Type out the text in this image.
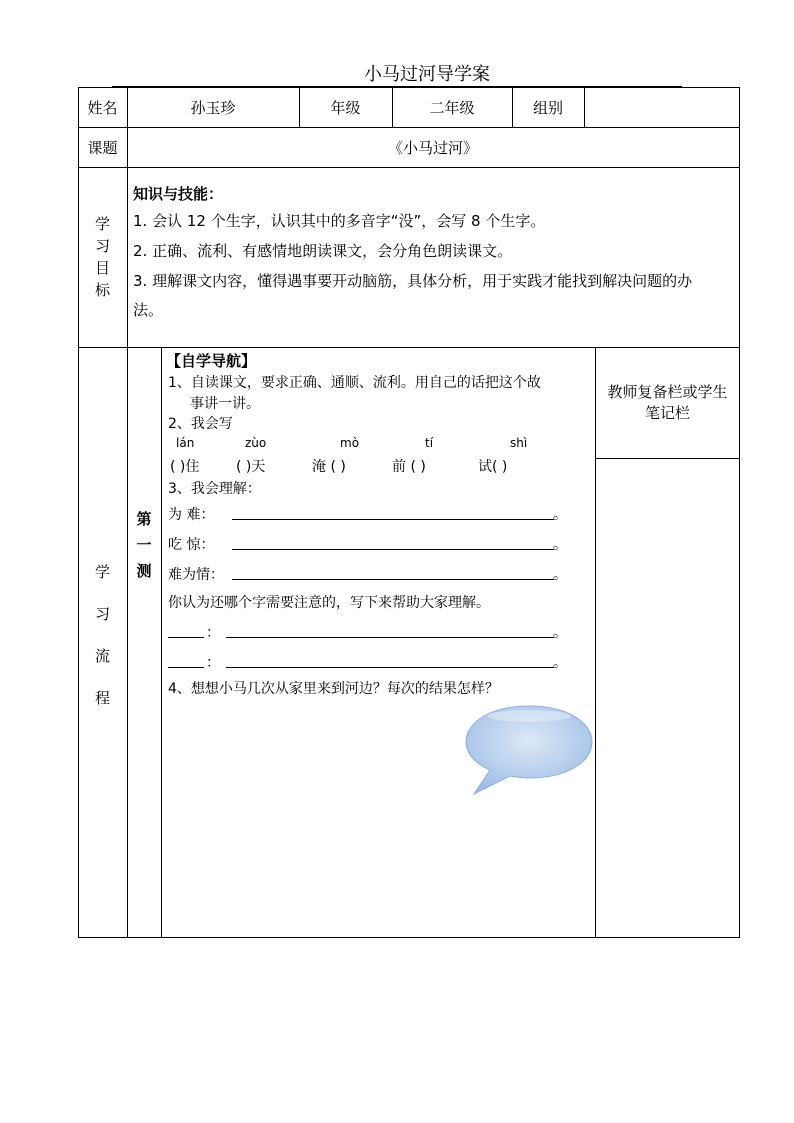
小马过河导学案
姓名	孙玉珍	年级	二年级	组别
课题	《小马过河》
学
习
目
标
知识与技能：
1. 会认 12 个生字，认识其中的多音字“没”，会写 8 个生字。
2. 正确、流利、有感情地朗读课文，会分角色朗读课文。
3. 理解课文内容，懂得遇事要开动脑筋，具体分析，用于实践才能找到解决问题的办
法。
学
习
流
程
第
一
测
【自学导航】
1、自读课文，要求正确、通顺、流利。用自己的话把这个故
事讲一讲。
2、我会写
lán	zùo	mò	tí	shì
( )住	( )天	淹 ( )	前 ( )	试( )
3、我会理解：
为 难：	。
吃 惊：	。
难为情：	。
你认为还哪个字需要注意的，写下来帮助大家理解。
：	。
：	。
4、想想小马几次从家里来到河边？每次的结果怎样？
教师复备栏或学生
笔记栏
